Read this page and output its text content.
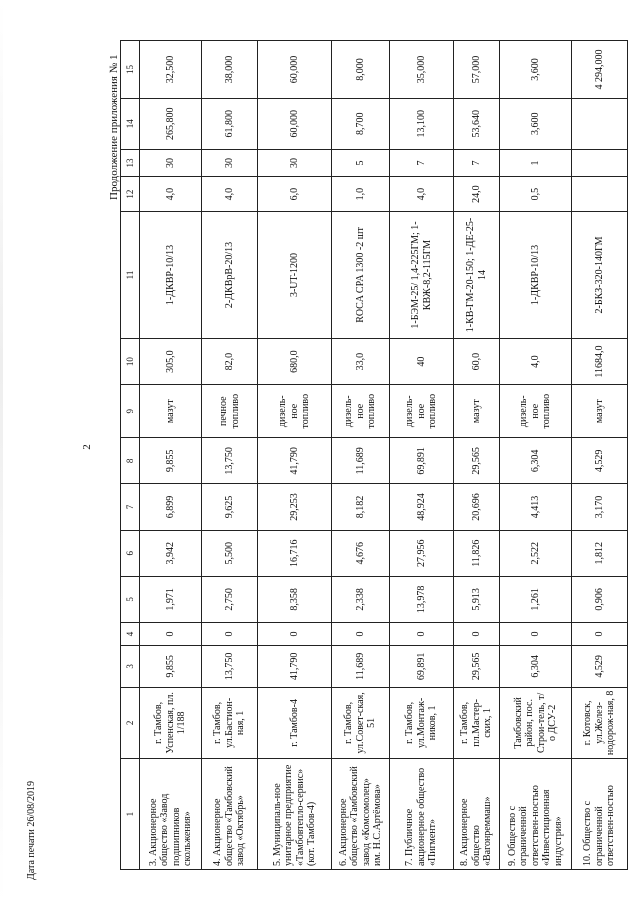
Продолжение приложения № 1
2
Дата печати 26/08/2019	1	2	3	4	5	6	7	8	9	10	11	12	13	14	15
3. Акционерное общество «Завод подшипников скольжения»	г. Тамбов, Успенская, пл. 1/188	9,855	0	1,971	3,942	6,899	9,855	мазут	305,0	1-ДКВР-10/13	4,0	30	265,800	32,500
4. Акционерное общество «Тамбовский завод «Октябрь»	г. Тамбов, ул.Бастион-ная, 1	13,750	0	2,750	5,500	9,625	13,750	печное топливо	82,0	2-ДКВрВ-20/13	4,0	30	61,800	38,000
5. Муниципаль-ное унитарное предприятие «Тамбовтепло-сервис» (кот. Тамбов-4)	г. Тамбов-4	41,790	0	8,358	16,716	29,253	41,790	дизель-ное топливо	680,0	3-UT-1200	6,0	30	60,000	60,000
6. Акционерное общество «Тамбовский завод «Комсомолец» им. Н.С.Артёмова»	г. Тамбов, ул.Совет-ская, 51	11,689	0	2,338	4,676	8,182	11,689	дизель-ное топливо	33,0	ROCA CPA 1300 -2 шт	1,0	5	8,700	8,000
7. Публичное акционерное общество «Пигмент»	г. Тамбов, ул.Монтаж-ников, 1	69,891	0	13,978	27,956	48,924	69,891	дизель-ное топливо	40	1-БЭМ-25/ 1,4-225ГМ; 1-КВЖ-8,2-115ГМ	4,0	7	13,100	35,000
8. Акционерное общество «Вагонреммаш»	г. Тамбов, пл.Мастер-ских, 1	29,565	0	5,913	11,826	20,696	29,565	мазут	60,0	1-КВ-ГМ-20-150; 1-ДЕ-25-14	24,0	7	53,640	57,000
9. Общество с ограниченной ответствен-ностью «Инвестиционная индустрия»	Тамбовский район, пос. Строи-тель, т/о ДСУ-2	6,304	0	1,261	2,522	4,413	6,304	дизель-ное топливо	4,0	1-ДКВР-10/13	0,5	1	3,600	3,600
10. Общество с ограниченной ответствен-ностью	г. Котовск, ул.Желез-нодорож-ная, 8	4,529	0	0,906	1,812	3,170	4,529	мазут	11684,0	2-БКЗ-320-140ГМ				4 294,000
